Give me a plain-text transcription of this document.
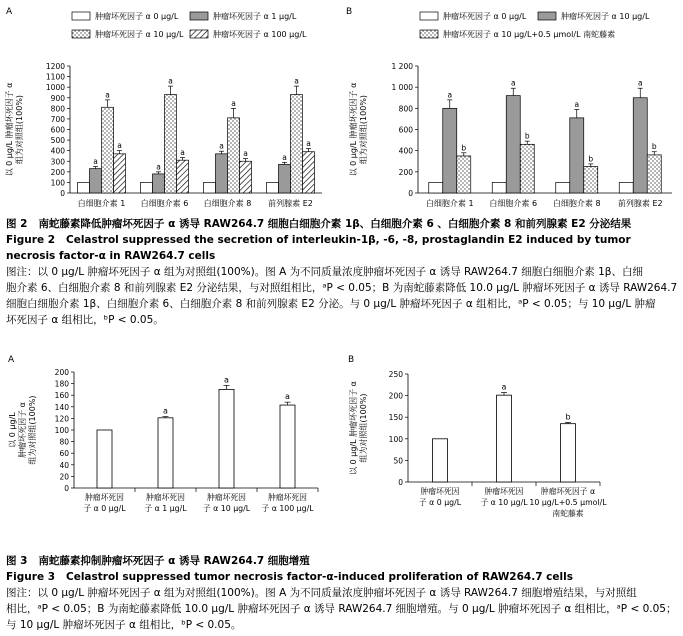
0
100
200
300
400
500
600
700
800
900
1000
1100
1200
以 0 μg/L 肿瘤坏死因子 α 组为对照组(100%)
A
a
a
a
白细胞介素 1
a
a
a
白细胞介素 6
a
a
a
白细胞介素 8
a
a
a
前列腺素 E2
肿瘤坏死因子 α 0 μg/L	肿瘤坏死因子 α 1 μg/L
肿瘤坏死因子 α 10 μg/L	肿瘤坏死因子 α 100 μg/L
0
200
400
600
800
1 000
1 200
以 0 μg/L 肿瘤坏死因子 α 组为对照组(100%)
B
a
b
白细胞介素 1
a
b
白细胞介素 6
a
b
白细胞介素 8
a
b
前列腺素 E2
肿瘤坏死因子 α 0 μg/L	肿瘤坏死因子 α 10 μg/L
肿瘤坏死因子 α 10 μg/L+0.5 μmol/L 南蛇藤素

图 2 南蛇藤素降低肿瘤坏死因子 α 诱导 RAW264.7 细胞白细胞介素 1β、白细胞介素 6 、白细胞介素 8 和前列腺素 E2 分泌结果

Figure 2 Celastrol suppressed the secretion of interleukin-1β, -6, -8, prostaglandin E2 induced by tumor necrosis factor-α in RAW264.7 cells

图注：以 0 μg/L 肿瘤坏死因子 α 组为对照组(100%)。图 A 为不同质量浓度肿瘤坏死因子 α 诱导 RAW264.7 细胞白细胞介素 1β、白细

胞介素 6、白细胞介素 8 和前列腺素 E2 分泌结果，与对照组相比，ᵃP < 0.05；B 为南蛇藤素降低 10.0 μg/L 肿瘤坏死因子 α 诱导 RAW264.7

细胞白细胞介素 1β、白细胞介素 6、白细胞介素 8 和前列腺素 E2 分泌。与 0 μg/L 肿瘤坏死因子 α 组相比，ᵃP < 0.05；与 10 μg/L 肿瘤

坏死因子 α 组相比，ᵇP < 0.05。

0
20
40
60
80
100
120
140
160
180
200
以 0 μg/L 肿瘤坏死因子 α 组为对照组(100%)
A
肿瘤坏死因
子 α 0 μg/L
a
肿瘤坏死因
子 α 1 μg/L
a
肿瘤坏死因
子 α 10 μg/L
a
肿瘤坏死因
子 α 100 μg/L
0
50
100
150
200
250
以 0 μg/L 肿瘤坏死因子 α 组为对照组(100%)
B
肿瘤坏死因
子 α 0 μg/L
a
肿瘤坏死因
子 α 10 μg/L
b
肿瘤坏死因子 α
10 μg/L+0.5 μmol/L
南蛇藤素

图 3 南蛇藤素抑制肿瘤坏死因子 α 诱导 RAW264.7 细胞增殖

Figure 3 Celastrol suppressed tumor necrosis factor-α-induced proliferation of RAW264.7 cells

图注：以 0 μg/L 肿瘤坏死因子 α 组为对照组(100%)。图 A 为不同质量浓度肿瘤坏死因子 α 诱导 RAW264.7 细胞增殖结果，与对照组

相比，ᵃP < 0.05；B 为南蛇藤素降低 10.0 μg/L 肿瘤坏死因子 α 诱导 RAW264.7 细胞增殖。与 0 μg/L 肿瘤坏死因子 α 组相比，ᵃP < 0.05；

与 10 μg/L 肿瘤坏死因子 α 组相比，ᵇP < 0.05。
